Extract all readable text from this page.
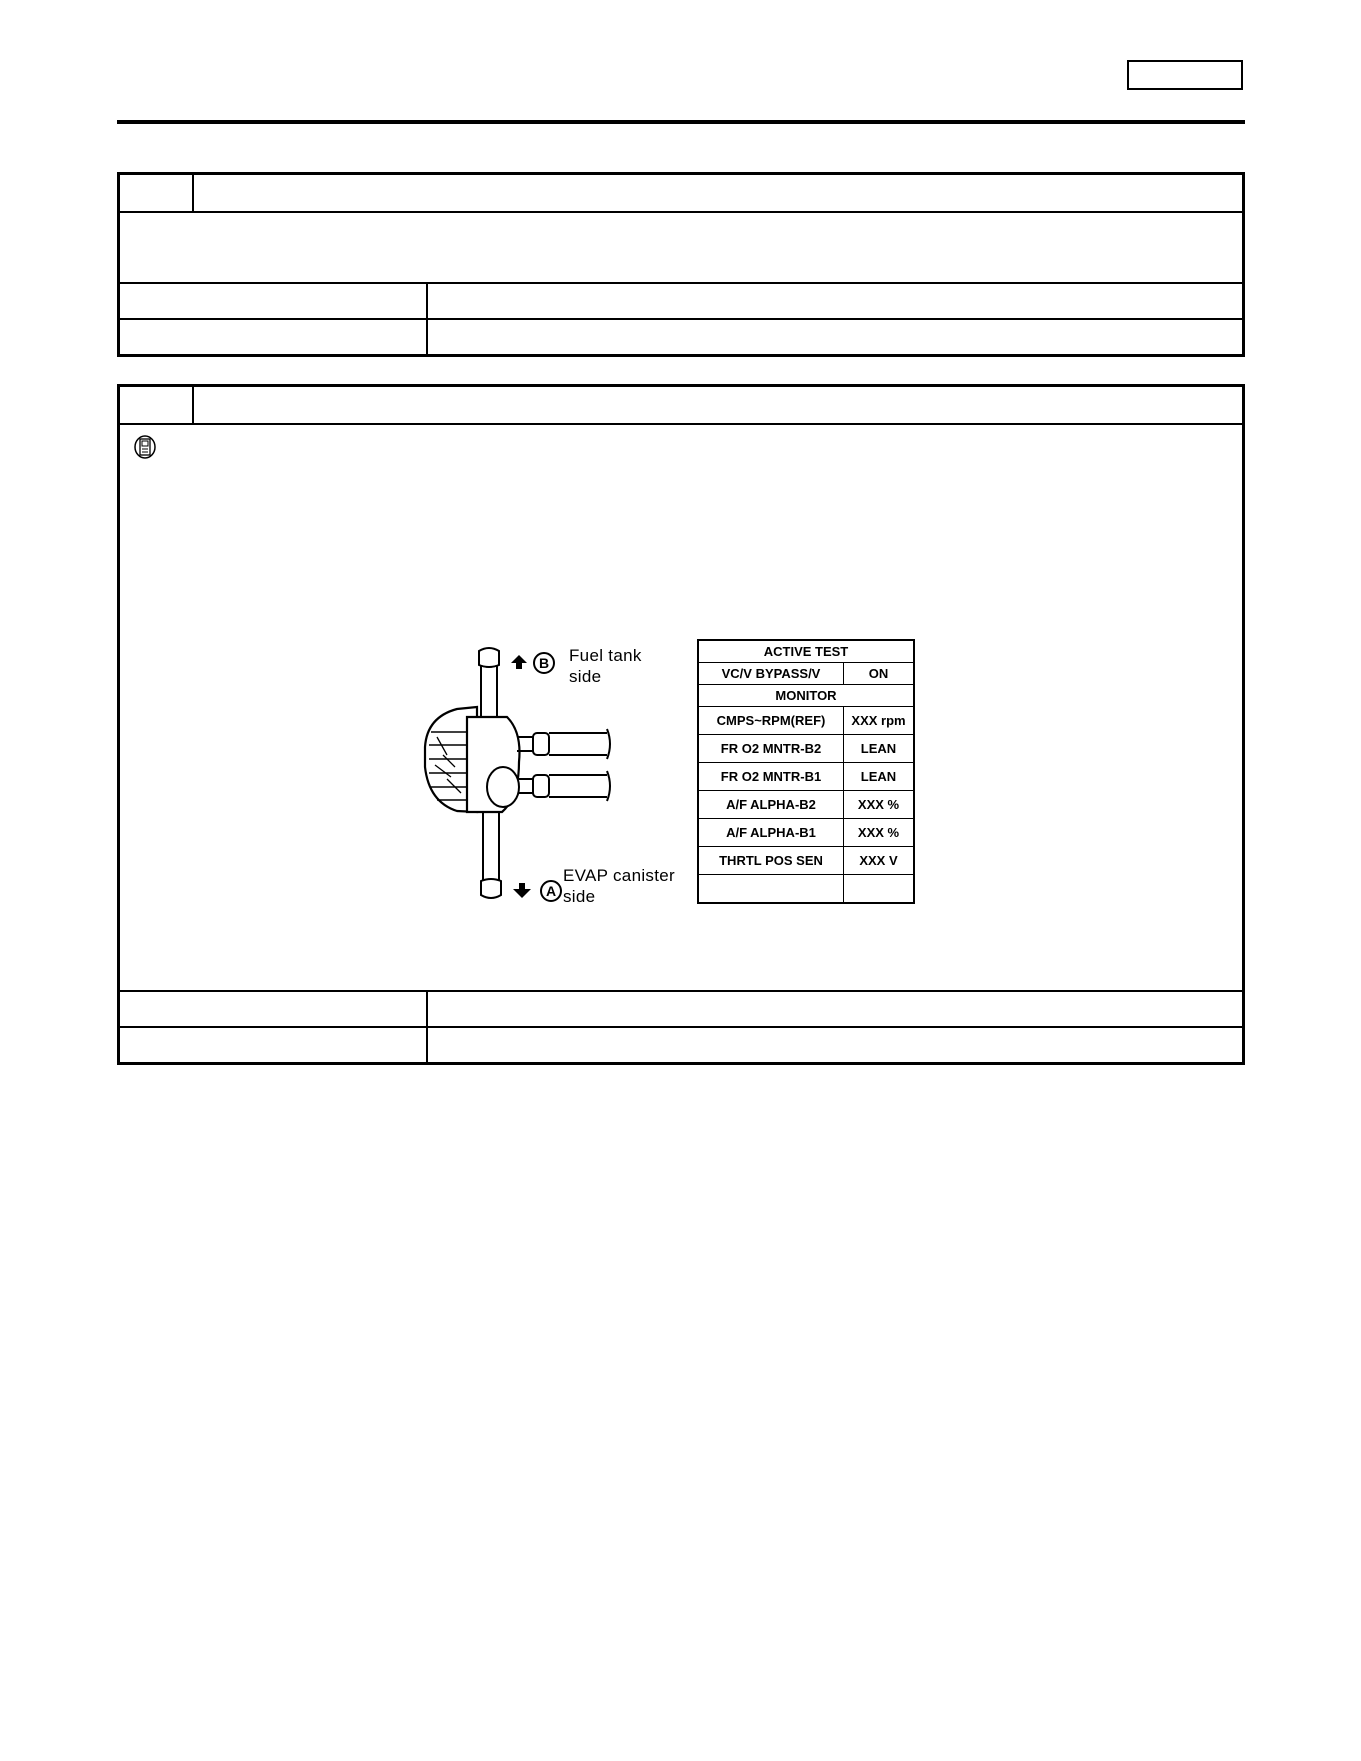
B
A
Fuel tank
side
EVAP canister
side
ACTIVE TEST	
VC/V BYPASS/V	ON
MONITOR	
CMPS~RPM(REF)	XXX rpm
FR O2 MNTR-B2	LEAN
FR O2 MNTR-B1	LEAN
A/F ALPHA-B2	XXX %
A/F ALPHA-B1	XXX %
THRTL POS SEN	XXX V
